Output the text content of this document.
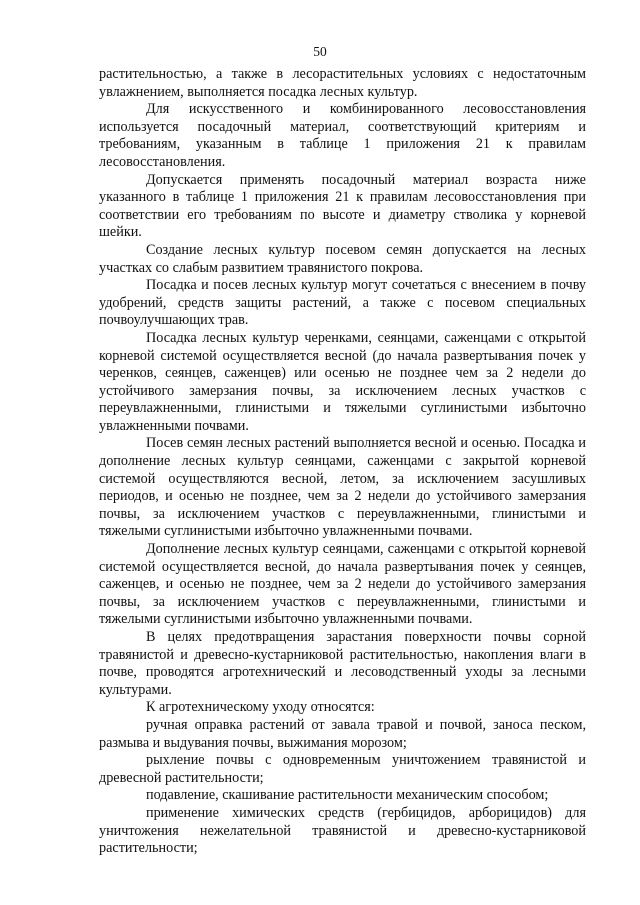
50

растительностью, а также в лесорастительных условиях с недостаточным увлажнением, выполняется посадка лесных культур.

Для искусственного и комбинированного лесовосстановления используется посадочный материал, соответствующий критериям и требованиям, указанным в таблице 1 приложения 21 к правилам лесовосстановления.

Допускается применять посадочный материал возраста ниже указанного в таблице 1 приложения 21 к правилам лесовосстановления при соответствии его требованиям по высоте и диаметру стволика у корневой шейки.

Создание лесных культур посевом семян допускается на лесных участках со слабым развитием травянистого покрова.

Посадка и посев лесных культур могут сочетаться с внесением в почву удобрений, средств защиты растений, а также с посевом специальных почвоулучшающих трав.

Посадка лесных культур черенками, сеянцами, саженцами с открытой корневой системой осуществляется весной (до начала развертывания почек у черенков, сеянцев, саженцев) или осенью не позднее чем за 2 недели до устойчивого замерзания почвы, за исключением лесных участков с переувлажненными, глинистыми и тяжелыми суглинистыми избыточно увлажненными почвами.

Посев семян лесных растений выполняется весной и осенью. Посадка и дополнение лесных культур сеянцами, саженцами с закрытой корневой системой осуществляются весной, летом, за исключением засушливых периодов, и осенью не позднее, чем за 2 недели до устойчивого замерзания почвы, за исключением участков с переувлажненными, глинистыми и тяжелыми суглинистыми избыточно увлажненными почвами.

Дополнение лесных культур сеянцами, саженцами с открытой корневой системой осуществляется весной, до начала развертывания почек у сеянцев, саженцев, и осенью не позднее, чем за 2 недели до устойчивого замерзания почвы, за исключением участков с переувлажненными, глинистыми и тяжелыми суглинистыми избыточно увлажненными почвами.

В целях предотвращения зарастания поверхности почвы сорной травянистой и древесно-кустарниковой растительностью, накопления влаги в почве, проводятся агротехнический и лесоводственный уходы за лесными культурами.

К агротехническому уходу относятся:

ручная оправка растений от завала травой и почвой, заноса песком, размыва и выдувания почвы, выжимания морозом;

рыхление почвы с одновременным уничтожением травянистой и древесной растительности;

подавление, скашивание растительности механическим способом;

применение химических средств (гербицидов, арборицидов) для уничтожения нежелательной травянистой и древесно-кустарниковой растительности;
